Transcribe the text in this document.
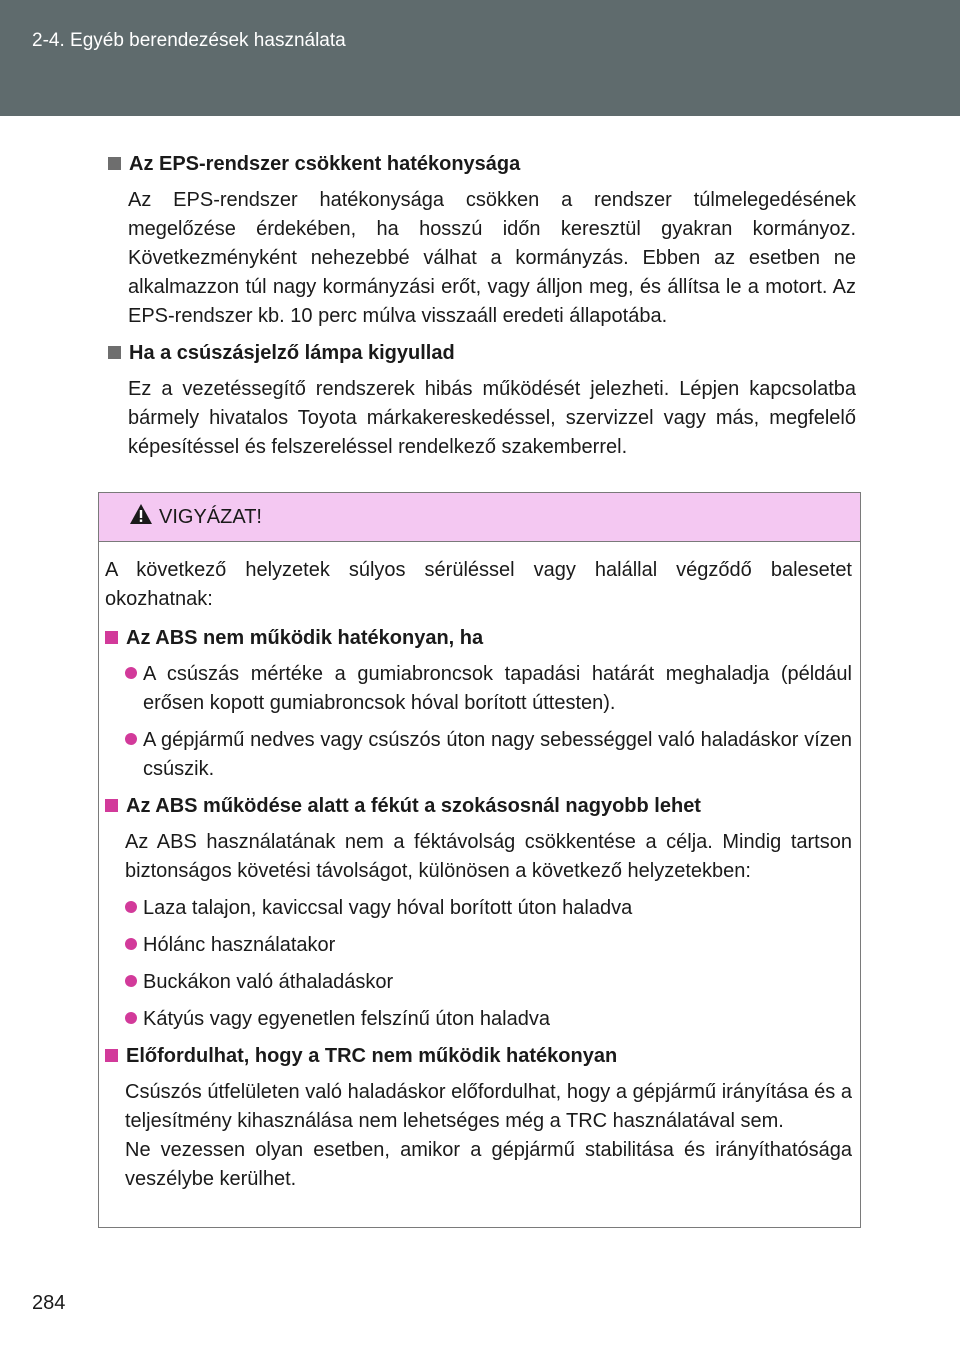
2-4. Egyéb berendezések használata
Az EPS-rendszer csökkent hatékonysága
Az EPS-rendszer hatékonysága csökken a rendszer túlmelegedésének megelőzése érdekében, ha hosszú időn keresztül gyakran kormányoz. Következményként nehezebbé válhat a kormányzás. Ebben az esetben ne alkalmazzon túl nagy kormányzási erőt, vagy álljon meg, és állítsa le a motort. Az EPS-rendszer kb. 10 perc múlva visszaáll eredeti állapotába.
Ha a csúszásjelző lámpa kigyullad
Ez a vezetéssegítő rendszerek hibás működését jelezheti. Lépjen kapcsolatba bármely hivatalos Toyota márkakereskedéssel, szervizzel vagy más, megfelelő képesítéssel és felszereléssel rendelkező szakemberrel.
VIGYÁZAT!
A következő helyzetek súlyos sérüléssel vagy halállal végződő balesetet okozhatnak:
Az ABS nem működik hatékonyan, ha
A csúszás mértéke a gumiabroncsok tapadási határát meghaladja (például erősen kopott gumiabroncsok hóval borított úttesten).
A gépjármű nedves vagy csúszós úton nagy sebességgel való haladáskor vízen csúszik.
Az ABS működése alatt a fékút a szokásosnál nagyobb lehet
Az ABS használatának nem a féktávolság csökkentése a célja. Mindig tartson biztonságos követési távolságot, különösen a következő helyzetekben:
Laza talajon, kaviccsal vagy hóval borított úton haladva
Hólánc használatakor
Buckákon való áthaladáskor
Kátyús vagy egyenetlen felszínű úton haladva
Előfordulhat, hogy a TRC nem működik hatékonyan
Csúszós útfelületen való haladáskor előfordulhat, hogy a gépjármű irányítása és a teljesítmény kihasználása nem lehetséges még a TRC használatával sem.
Ne vezessen olyan esetben, amikor a gépjármű stabilitása és irányíthatósága veszélybe kerülhet.
284
